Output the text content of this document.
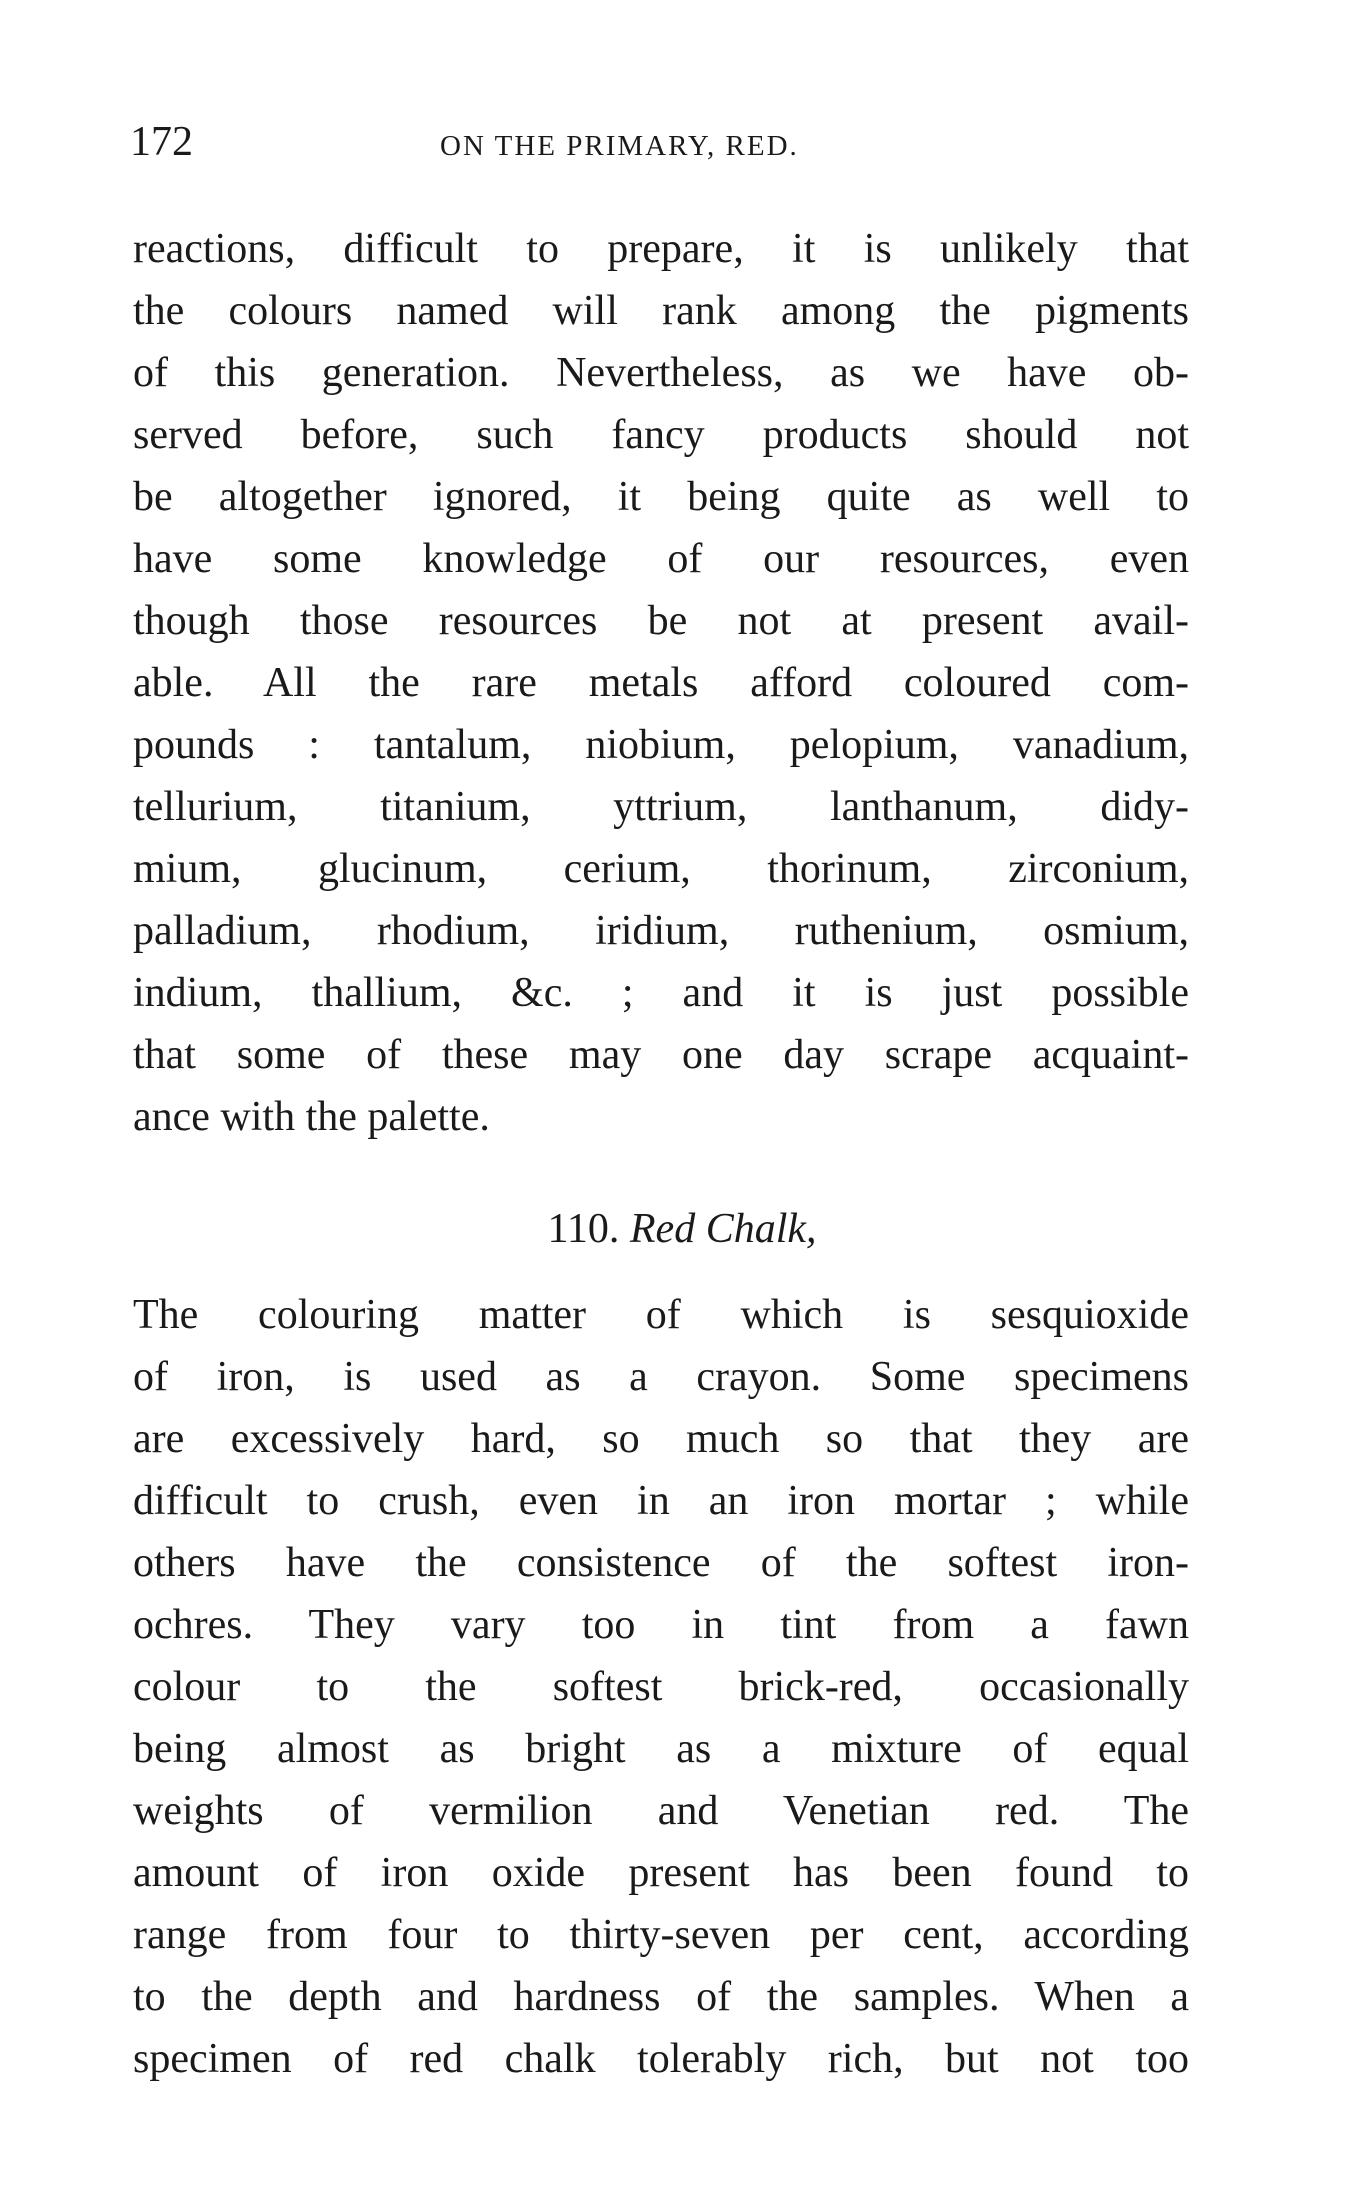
172	ON THE PRIMARY, RED.
reactions, difficult to prepare, it is unlikely that
the colours named will rank among the pigments
of this generation. Nevertheless, as we have ob-
served before, such fancy products should not
be altogether ignored, it being quite as well to
have some knowledge of our resources, even
though those resources be not at present avail-
able. All the rare metals afford coloured com-
pounds : tantalum, niobium, pelopium, vanadium,
tellurium, titanium, yttrium, lanthanum, didy-
mium, glucinum, cerium, thorinum, zirconium,
palladium, rhodium, iridium, ruthenium, osmium,
indium, thallium, &c. ; and it is just possible
that some of these may one day scrape acquaint-
ance with the palette.
110. Red Chalk,
The colouring matter of which is sesquioxide
of iron, is used as a crayon. Some specimens
are excessively hard, so much so that they are
difficult to crush, even in an iron mortar ; while
others have the consistence of the softest iron-
ochres. They vary too in tint from a fawn
colour to the softest brick-red, occasionally
being almost as bright as a mixture of equal
weights of vermilion and Venetian red. The
amount of iron oxide present has been found to
range from four to thirty-seven per cent, according
to the depth and hardness of the samples. When a
specimen of red chalk tolerably rich, but not too
